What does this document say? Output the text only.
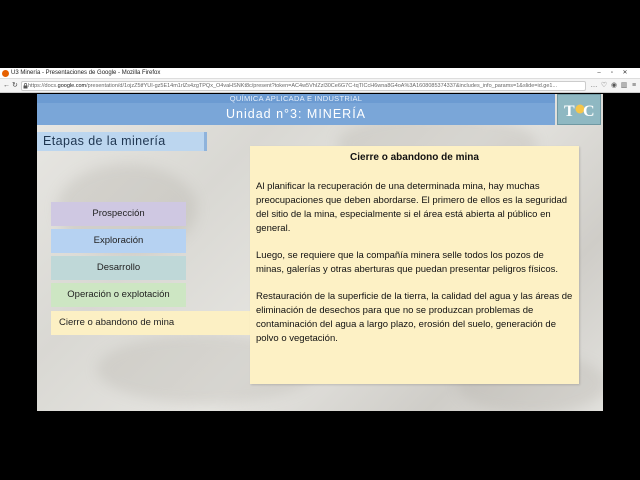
U3 Minería - Presentaciones de Google - Mozilla Firefox	–	▫	✕
← ↻	https://docs.google.com/presentation/d/1ojzZ5tfYUI-gz5E14m1rlZs4zgTPQx_O4vaHSNKt8c/present?token=AC4w5VhIZzl30Ce6G7C-tqTICcH6wna8G4oA%3A1608085374337&includes_info_params=1&slide=id.ge1...	… ♡ ◉ ▥ ≡
QUÍMICA APLICADA E INDUSTRIAL
Unidad n°3: MINERÍA	T C
Etapas de la minería
Prospección
Exploración
Desarrollo
Operación o explotación
Cierre o abandono de mina
Cierre o abandono de mina

Al planificar la recuperación de una determinada mina, hay muchas preocupaciones que deben abordarse. El primero de ellos es la seguridad del sitio de la mina, especialmente si el área está abierta al público en general.

Luego, se requiere que la compañía minera selle todos los pozos de minas, galerías y otras aberturas que puedan presentar peligros físicos.

Restauración de la superficie de la tierra, la calidad del agua y las áreas de eliminación de desechos para que no se produzcan problemas de contaminación del agua a largo plazo, erosión del suelo, generación de polvo o vegetación.
